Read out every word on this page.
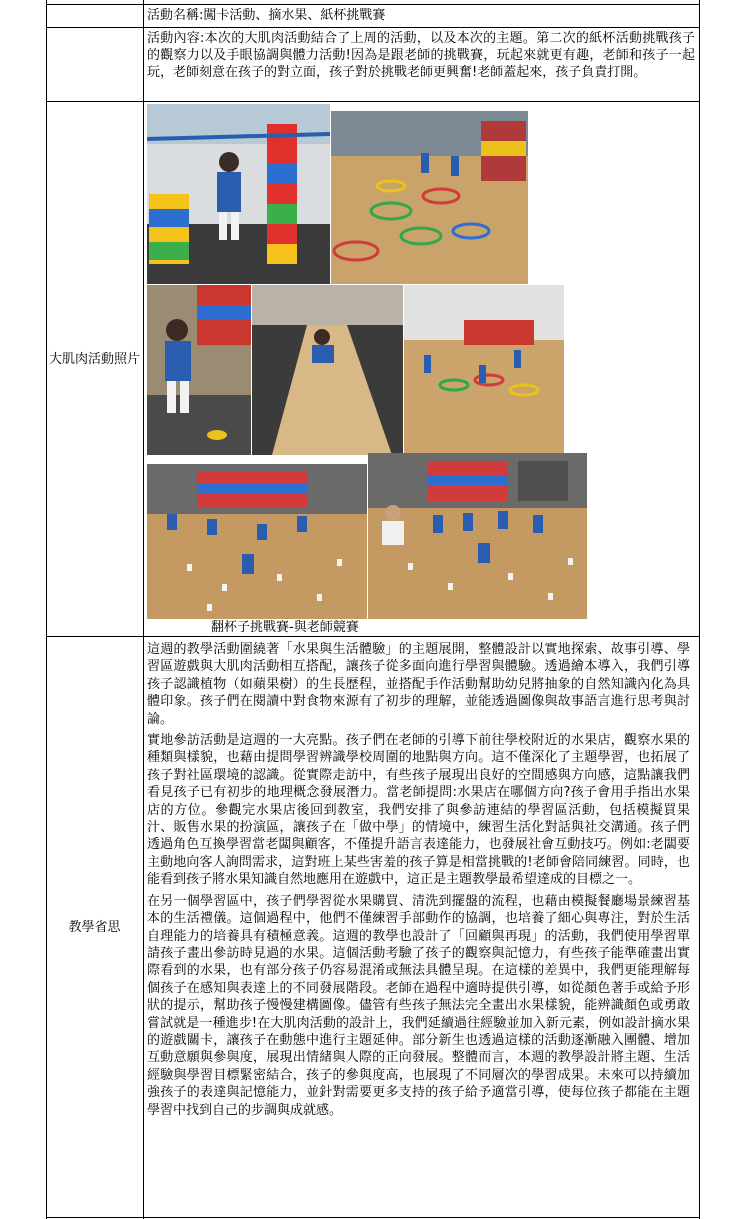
活動名稱:闖卡活動、摘水果、紙杯挑戰賽
活動內容:本次的大肌肉活動結合了上周的活動，以及本次的主題。第二次的紙杯活動挑戰孩子的觀察力以及手眼協調與體力活動!因為是跟老師的挑戰賽，玩起來就更有趣，老師和孩子一起玩，老師刻意在孩子的對立面，孩子對於挑戰老師更興奮!老師蓋起來，孩子負責打開。
大肌肉活動照片
翻杯子挑戰賽-與老師競賽
教學省思

這週的教學活動圍繞著「水果與生活體驗」的主題展開，整體設計以實地探索、故事引導、學習區遊戲與大肌肉活動相互搭配，讓孩子從多面向進行學習與體驗。透過繪本導入，我們引導孩子認識植物（如蘋果樹）的生長歷程，並搭配手作活動幫助幼兒將抽象的自然知識內化為具體印象。孩子們在閱讀中對食物來源有了初步的理解，並能透過圖像與故事語言進行思考與討論。

實地參訪活動是這週的一大亮點。孩子們在老師的引導下前往學校附近的水果店，觀察水果的種類與樣貌，也藉由提問學習辨識學校周圍的地點與方向。這不僅深化了主題學習，也拓展了孩子對社區環境的認識。從實際走訪中，有些孩子展現出良好的空間感與方向感，這點讓我們看見孩子已有初步的地理概念發展潛力。當老師提問:水果店在哪個方向?孩子會用手指出水果店的方位。參觀完水果店後回到教室，我們安排了與參訪連結的學習區活動，包括模擬買果汁、販售水果的扮演區，讓孩子在「做中學」的情境中，練習生活化對話與社交溝通。孩子們透過角色互換學習當老闆與顧客，不僅提升語言表達能力，也發展社會互動技巧。例如:老闆要主動地向客人詢問需求，這對班上某些害羞的孩子算是相當挑戰的!老師會陪同練習。同時，也能看到孩子將水果知識自然地應用在遊戲中，這正是主題教學最希望達成的目標之一。

在另一個學習區中，孩子們學習從水果購買、清洗到擺盤的流程，也藉由模擬餐廳場景練習基本的生活禮儀。這個過程中，他們不僅練習手部動作的協調，也培養了細心與專注，對於生活自理能力的培養具有積極意義。這週的教學也設計了「回顧與再現」的活動，我們使用學習單請孩子畫出參訪時見過的水果。這個活動考驗了孩子的觀察與記憶力，有些孩子能準確畫出實際看到的水果，也有部分孩子仍容易混淆或無法具體呈現。在這樣的差異中，我們更能理解每個孩子在感知與表達上的不同發展階段。老師在過程中適時提供引導，如從顏色著手或給予形狀的提示，幫助孩子慢慢建構圖像。儘管有些孩子無法完全畫出水果樣貌，能辨識顏色或勇敢嘗試就是一種進步!在大肌肉活動的設計上，我們延續過往經驗並加入新元素，例如設計摘水果的遊戲關卡，讓孩子在動態中進行主題延伸。部分新生也透過這樣的活動逐漸融入團體、增加互動意願與參與度，展現出情緒與人際的正向發展。整體而言，本週的教學設計將主題、生活經驗與學習目標緊密結合，孩子的參與度高，也展現了不同層次的學習成果。未來可以持續加強孩子的表達與記憶能力，並針對需要更多支持的孩子給予適當引導，使每位孩子都能在主題學習中找到自己的步調與成就感。
